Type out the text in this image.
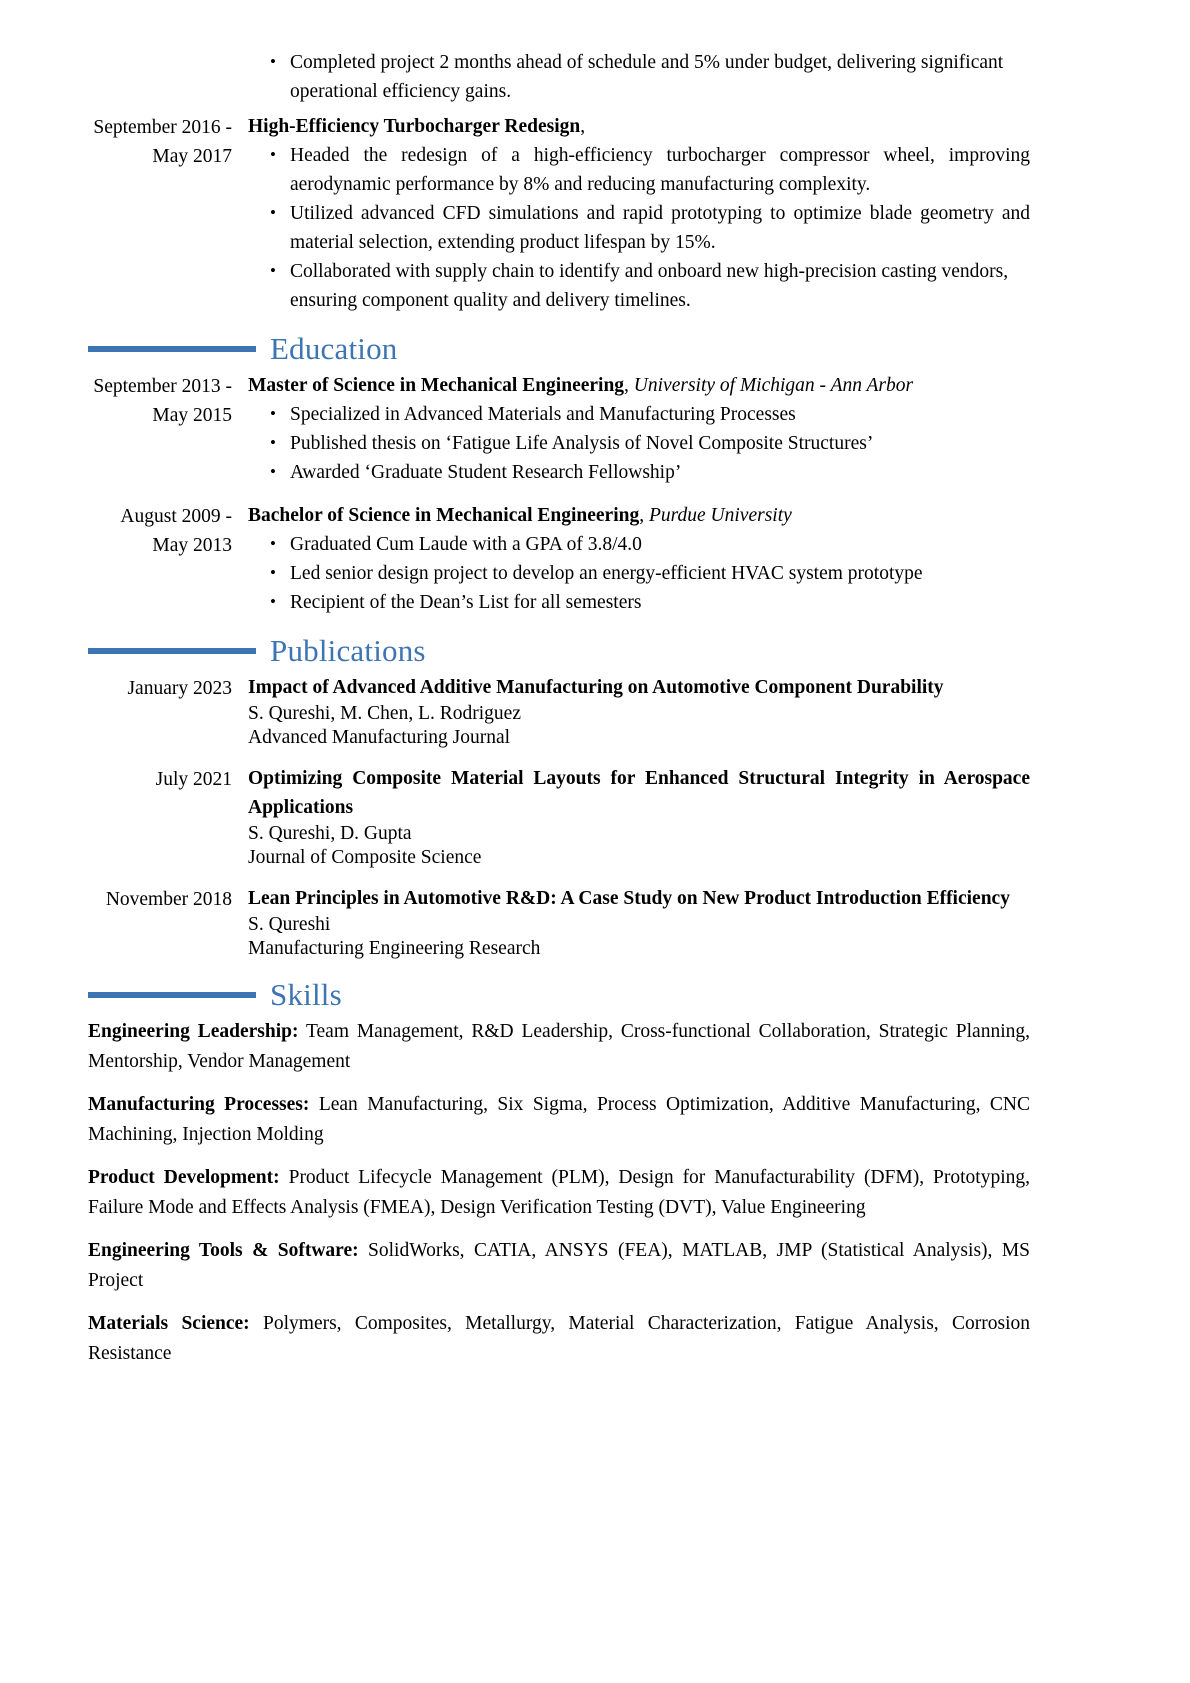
• Completed project 2 months ahead of schedule and 5% under budget, delivering significant operational efficiency gains.
September 2016 - May 2017

High-Efficiency Turbocharger Redesign,

• Headed the redesign of a high-efficiency turbocharger compressor wheel, improving aerodynamic performance by 8% and reducing manufacturing complexity.
• Utilized advanced CFD simulations and rapid prototyping to optimize blade geometry and material selection, extending product lifespan by 15%.
• Collaborated with supply chain to identify and onboard new high-precision casting vendors, ensuring component quality and delivery timelines.
Education
September 2013 - May 2015

Master of Science in Mechanical Engineering, University of Michigan - Ann Arbor

• Specialized in Advanced Materials and Manufacturing Processes
• Published thesis on ‘Fatigue Life Analysis of Novel Composite Structures’
• Awarded ‘Graduate Student Research Fellowship’
August 2009 - May 2013

Bachelor of Science in Mechanical Engineering, Purdue University

• Graduated Cum Laude with a GPA of 3.8/4.0
• Led senior design project to develop an energy-efficient HVAC system prototype
• Recipient of the Dean’s List for all semesters
Publications
January 2023 Impact of Advanced Additive Manufacturing on Automotive Component Durability

S. Qureshi, M. Chen, L. Rodriguez

Advanced Manufacturing Journal

July 2021 Optimizing Composite Material Layouts for Enhanced Structural Integrity in Aerospace Applications

S. Qureshi, D. Gupta

Journal of Composite Science

November 2018 Lean Principles in Automotive R&D: A Case Study on New Product Introduction Efficiency

S. Qureshi

Manufacturing Engineering Research

Skills

Engineering Leadership: Team Management, R&D Leadership, Cross-functional Collaboration, Strategic Planning, Mentorship, Vendor Management

Manufacturing Processes: Lean Manufacturing, Six Sigma, Process Optimization, Additive Manufacturing, CNC Machining, Injection Molding

Product Development: Product Lifecycle Management (PLM), Design for Manufacturability (DFM), Prototyping, Failure Mode and Effects Analysis (FMEA), Design Verification Testing (DVT), Value Engineering

Engineering Tools & Software: SolidWorks, CATIA, ANSYS (FEA), MATLAB, JMP (Statistical Analysis), MS Project

Materials Science: Polymers, Composites, Metallurgy, Material Characterization, Fatigue Analysis, Corrosion Resistance
